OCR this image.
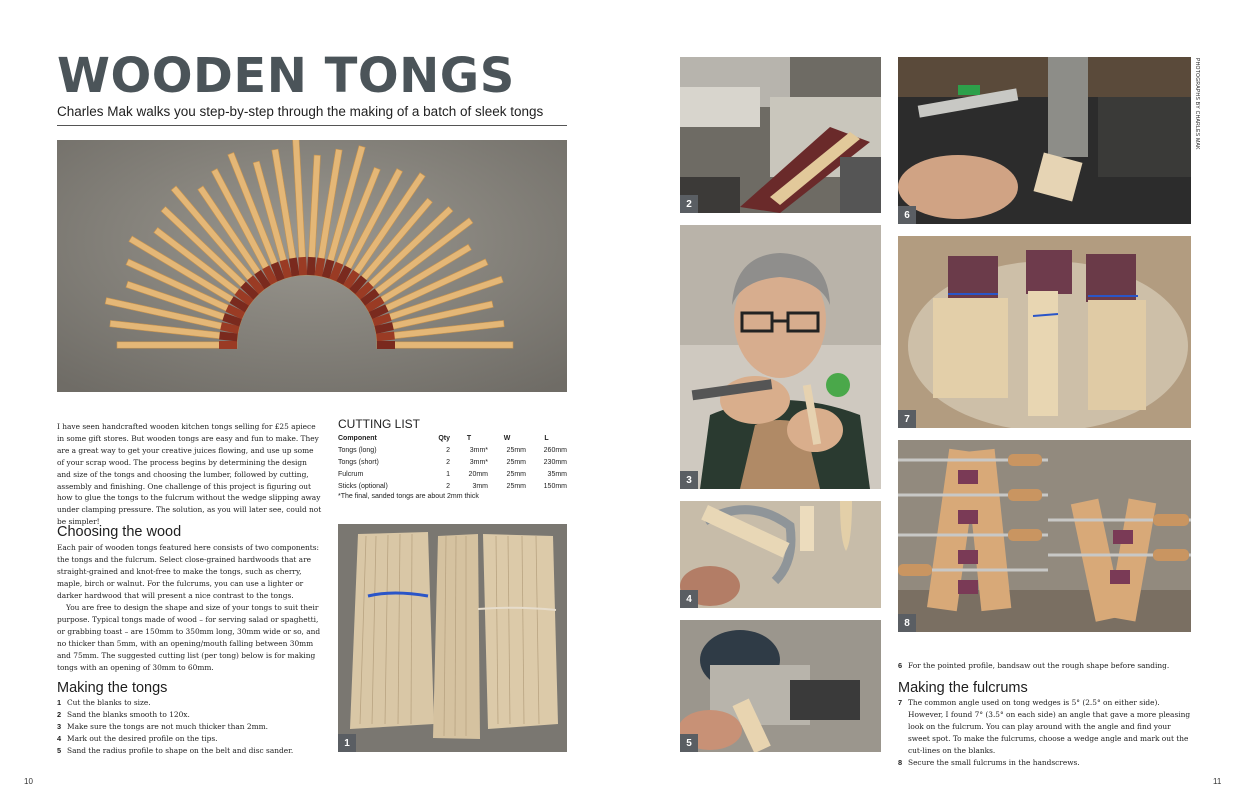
WOODEN TONGS
Charles Mak walks you step-by-step through the making of a batch of sleek tongs
I have seen handcrafted wooden kitchen tongs selling for £25 apiece in some gift stores. But wooden tongs are easy and fun to make. They are a great way to get your creative juices flowing, and use up some of your scrap wood. The process begins by determining the design and size of the tongs and choosing the lumber, followed by cutting, assembly and finishing. One challenge of this project is figuring out how to glue the tongs to the fulcrum without the wedge slipping away under clamping pressure. The solution, as you will later see, could not be simpler!
Choosing the wood
Each pair of wooden tongs featured here consists of two components: the tongs and the fulcrum. Select close-grained hardwoods that are straight-grained and knot-free to make the tongs, such as cherry, maple, birch or walnut. For the fulcrums, you can use a lighter or darker hardwood that will present a nice contrast to the tongs.
You are free to design the shape and size of your tongs to suit their purpose. Typical tongs made of wood – for serving salad or spaghetti, or grabbing toast – are 150mm to 350mm long, 30mm wide or so, and no thicker than 5mm, with an opening/mouth falling between 30mm and 75mm. The suggested cutting list (per tong) below is for making tongs with an opening of 30mm to 60mm.
Making the tongs
1 Cut the blanks to size.
2 Sand the blanks smooth to 120x.
3 Make sure the tongs are not much thicker than 2mm.
4 Mark out the desired profile on the tips.
5 Sand the radius profile to shape on the belt and disc sander.
CUTTING LIST
Component	Qty	T	W	L
Tongs (long)	2	3mm*	25mm	260mm
Tongs (short)	2	3mm*	25mm	230mm
Fulcrum	1	20mm	25mm	35mm
Sticks (optional)	2	3mm	25mm	150mm
*The final, sanded tongs are about 2mm thick
1
10
2
3
4
5
6
PHOTOGRAPHS BY CHARLES MAK
7
8
6 For the pointed profile, bandsaw out the rough shape before sanding.
Making the fulcrums
7 The common angle used on tong wedges is 5° (2.5° on either side). However, I found 7° (3.5° on each side) an angle that gave a more pleasing look on the fulcrum. You can play around with the angle and find your sweet spot. To make the fulcrums, choose a wedge angle and mark out the cut-lines on the blanks.
8 Secure the small fulcrums in the handscrews.
11
